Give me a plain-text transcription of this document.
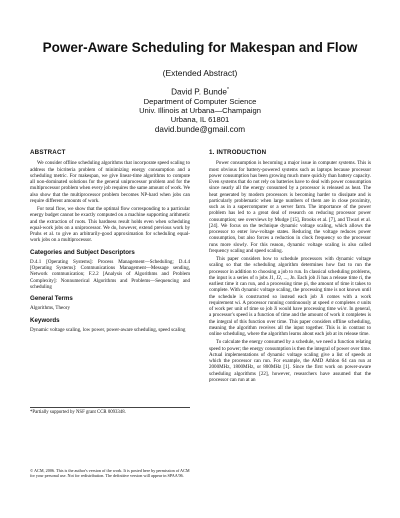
Power-Aware Scheduling for Makespan and Flow
(Extended Abstract)
David P. Bunde*
Department of Computer Science
Univ. Illinois at Urbana—Champaign
Urbana, IL 61801
david.bunde@gmail.com
ABSTRACT

We consider offline scheduling algorithms that incorporate speed scaling to address the bicriteria problem of minimizing energy consumption and a scheduling metric. For makespan, we give linear-time algorithms to compute all non-dominated solutions for the general uniprocessor problem and for the multiprocessor problem when every job requires the same amount of work. We also show that the multiprocessor problem becomes NP-hard when jobs can require different amounts of work.

For total flow, we show that the optimal flow corresponding to a particular energy budget cannot be exactly computed on a machine supporting arithmetic and the extraction of roots. This hardness result holds even when scheduling equal-work jobs on a uniprocessor. We do, however, extend previous work by Pruhs et al. to give an arbitrarily-good approximation for scheduling equal-work jobs on a multiprocessor.

Categories and Subject Descriptors

D.4.1 [Operating Systems]: Process Management—Scheduling; D.4.4 [Operating Systems]: Communications Management—Message sending, Network communication; F.2.2 [Analysis of Algorithms and Problem Complexity]: Nonnumerical Algorithms and Problems—Sequencing and scheduling

General Terms

Algorithms, Theory

Keywords

Dynamic voltage scaling, low power, power-aware scheduling, speed scaling

*Partially supported by NSF grant CCR 0093348.
© ACM, 2006. This is the author's version of the work. It is posted here by permission of ACM for your personal use. Not for redistribution. The definitive version will appear in SPAA'06.
1. INTRODUCTION

Power consumption is becoming a major issue in computer systems. This is most obvious for battery-powered systems such as laptops because processor power consumption has been growing much more quickly than battery capacity. Even systems that do not rely on batteries have to deal with power consumption since nearly all the energy consumed by a processor is released as heat. The heat generated by modern processors is becoming harder to dissipate and is particularly problematic when large numbers of them are in close proximity, such as in a supercomputer or a server farm. The importance of the power problem has led to a great deal of research on reducing processor power consumption; see overviews by Mudge [15], Brooks et al. [7], and Tiwari et al. [24]. We focus on the technique dynamic voltage scaling, which allows the processor to enter low-voltage states. Reducing the voltage reduces power consumption, but also forces a reduction in clock frequency so the processor runs more slowly. For this reason, dynamic voltage scaling is also called frequency scaling and speed scaling.

This paper considers how to schedule processors with dynamic voltage scaling so that the scheduling algorithm determines how fast to run the processor in addition to choosing a job to run. In classical scheduling problems, the input is a series of n jobs J1, J2, ..., Jn. Each job Ji has a release time ri, the earliest time it can run, and a processing time pi, the amount of time it takes to complete. With dynamic voltage scaling, the processing time is not known until the schedule is constructed so instead each job Ji comes with a work requirement wi. A processor running continuously at speed σ completes σ units of work per unit of time so job Ji would have processing time wi/σ. In general, a processor's speed is a function of time and the amount of work it completes is the integral of this function over time. This paper considers offline scheduling, meaning the algorithm receives all the input together. This is in contrast to online scheduling, where the algorithm learns about each job at its release time.

To calculate the energy consumed by a schedule, we need a function relating speed to power; the energy consumption is then the integral of power over time. Actual implementations of dynamic voltage scaling give a list of speeds at which the processor can run. For example, the AMD Athlon 64 can run at 2000MHz, 1800MHz, or 800MHz [1]. Since the first work on power-aware scheduling algorithms [22], however, researchers have assumed that the processor can run at an
